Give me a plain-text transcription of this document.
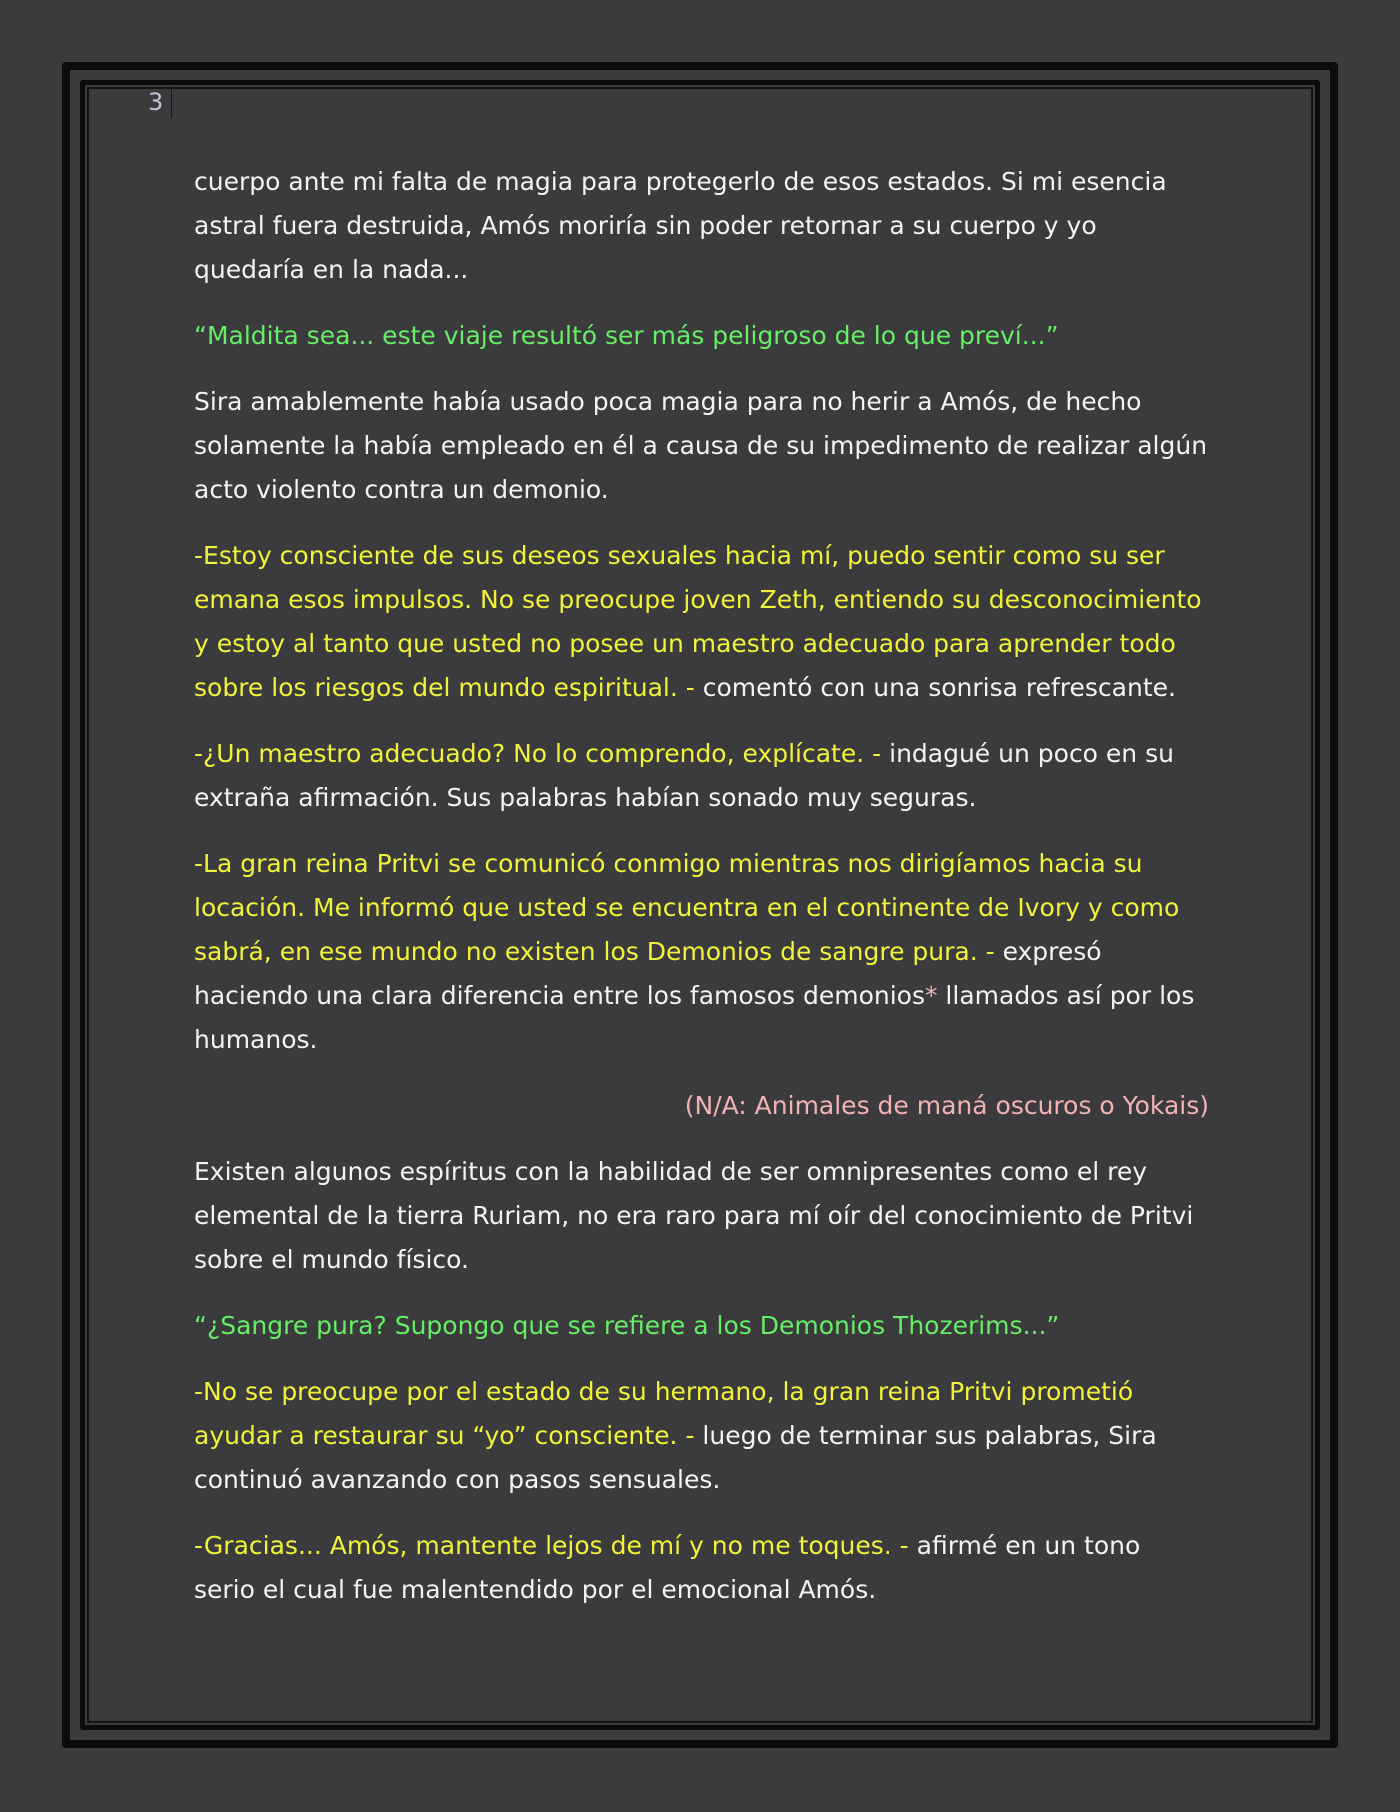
3

cuerpo ante mi falta de magia para protegerlo de esos estados. Si mi esencia astral fuera destruida, Amós moriría sin poder retornar a su cuerpo y yo quedaría en la nada...

“Maldita sea... este viaje resultó ser más peligroso de lo que preví...”

Sira amablemente había usado poca magia para no herir a Amós, de hecho solamente la había empleado en él a causa de su impedimento de realizar algún acto violento contra un demonio.

-Estoy consciente de sus deseos sexuales hacia mí, puedo sentir como su ser emana esos impulsos. No se preocupe joven Zeth, entiendo su desconocimiento y estoy al tanto que usted no posee un maestro adecuado para aprender todo sobre los riesgos del mundo espiritual. - comentó con una sonrisa refrescante.

-¿Un maestro adecuado? No lo comprendo, explícate. - indagué un poco en su extraña afirmación. Sus palabras habían sonado muy seguras.

-La gran reina Pritvi se comunicó conmigo mientras nos dirigíamos hacia su locación. Me informó que usted se encuentra en el continente de Ivory y como sabrá, en ese mundo no existen los Demonios de sangre pura. - expresó haciendo una clara diferencia entre los famosos demonios* llamados así por los humanos.

(N/A: Animales de maná oscuros o Yokais)

Existen algunos espíritus con la habilidad de ser omnipresentes como el rey elemental de la tierra Ruriam, no era raro para mí oír del conocimiento de Pritvi sobre el mundo físico.

“¿Sangre pura? Supongo que se refiere a los Demonios Thozerims...”

-No se preocupe por el estado de su hermano, la gran reina Pritvi prometió ayudar a restaurar su “yo” consciente. - luego de terminar sus palabras, Sira continuó avanzando con pasos sensuales.

-Gracias... Amós, mantente lejos de mí y no me toques. - afirmé en un tono serio el cual fue malentendido por el emocional Amós.
